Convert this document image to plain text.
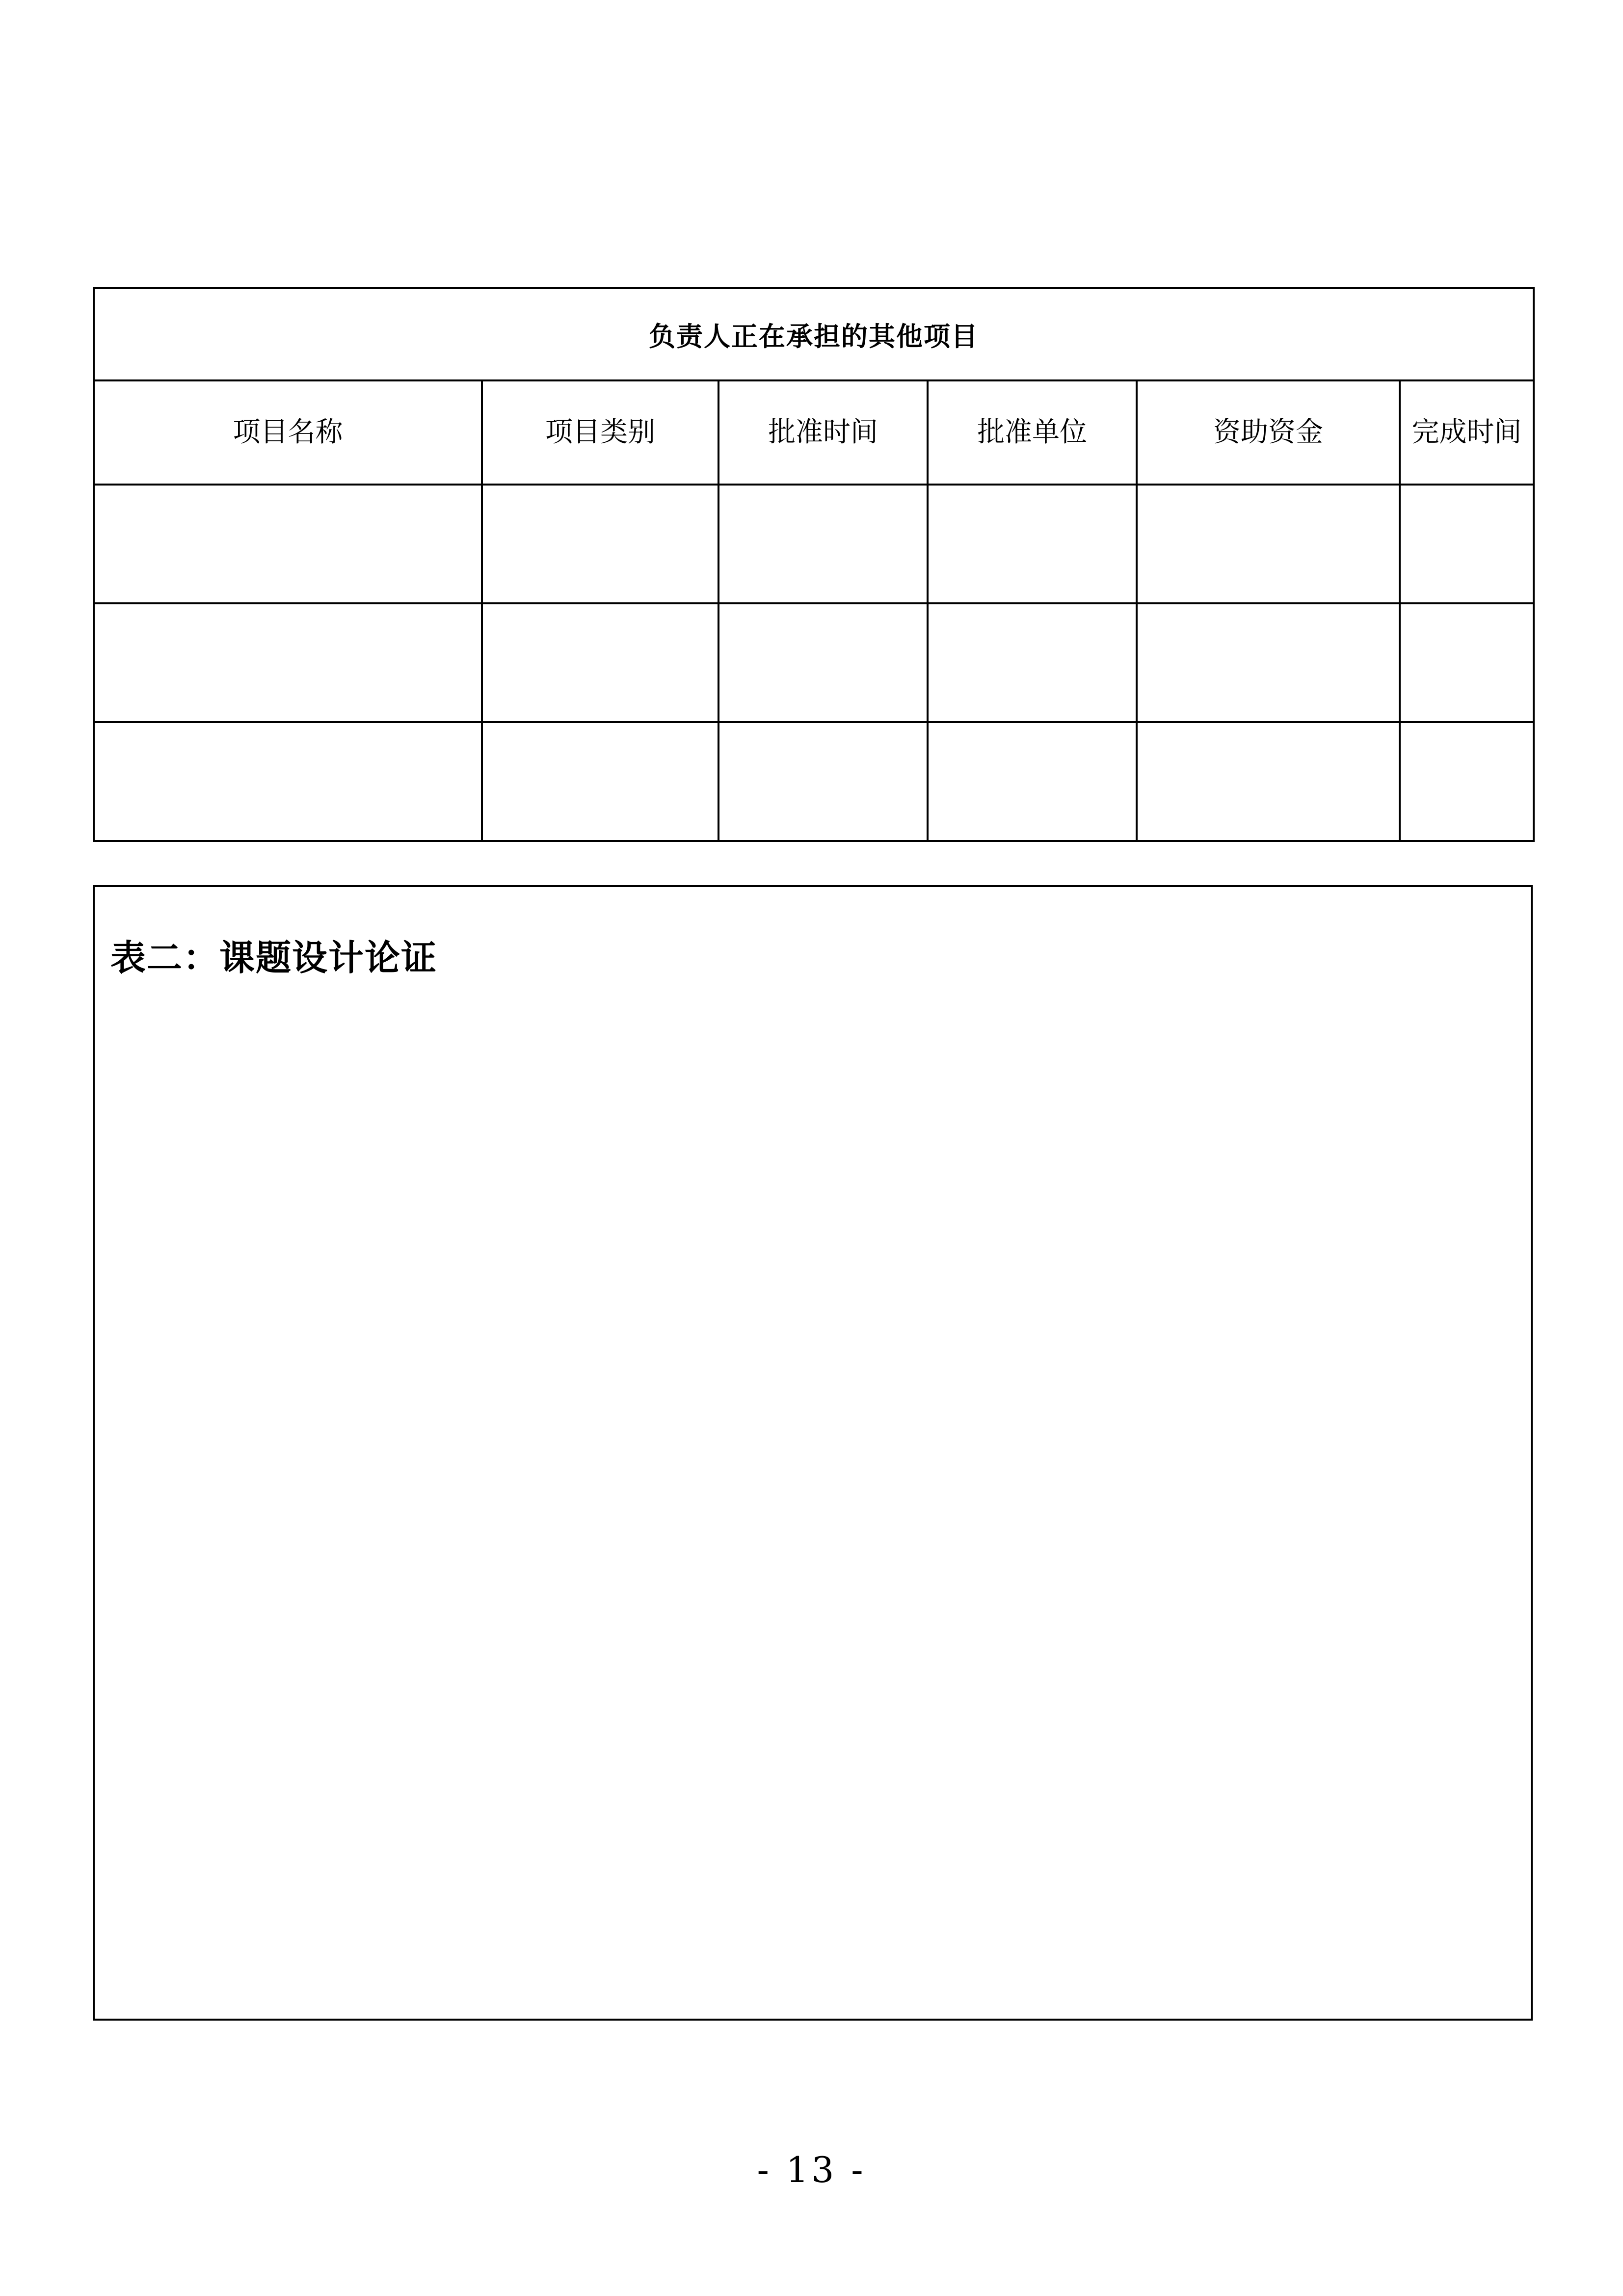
负责人正在承担的其他项目					
项目名称	项目类别	批准时间	批准单位	资助资金	完成时间

表二：课题设计论证
- 13 -
